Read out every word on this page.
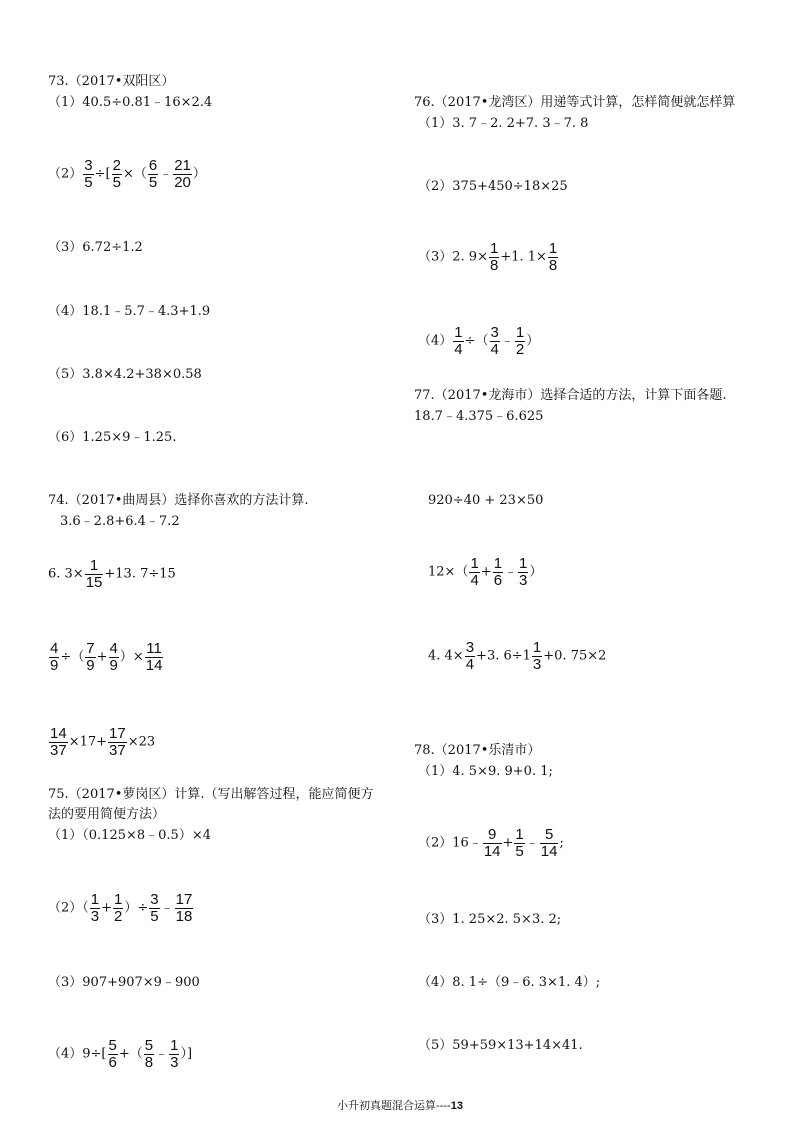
73.（2017•双阳区）
（1）40.5÷0.81﹣16×2.4
$(2) \frac{3}{5}$ ÷[ $\frac{2}{5}$ ×（ $\frac{6}{5}$ ﹣ $\frac{21}{20}$ ）
（3）6.72÷1.2
（4）18.1﹣5.7﹣4.3+1.9
（5）3.8×4.2+38×0.58
（6）1.25×9﹣1.25.
74.（2017•曲周县）选择你喜欢的方法计算.
3.6﹣2.8+6.4﹣7.2
6. $3\times \frac{1}{15} +13$. 7÷15
$\frac{4}{9}$ ÷（ $\frac{7}{9} + \frac{4}{9}$ ）× $\frac{11}{14}$
$\frac{14}{37} \times 17+ \frac{17}{37} \times 23$
75.（2017•萝岗区）计算.（写出解答过程，能应简便方
法的要用简便方法）
（1）（0.125×8﹣0.5）×4
$(2)( \frac{1}{3} + \frac{1}{2}$ ）÷ $\frac{3}{5}$ ﹣ $\frac{17}{18}$
（3）907+907×9﹣900
$(4)9\div[ \frac{5}{6}$ +（ $\frac{5}{8}$ ﹣ $\frac{1}{3}$ ）]
76.（2017•龙湾区）用递等式计算，怎样简便就怎样算
（1）3. 7﹣2. 2+7. 3﹣7. 8
（2）375+450÷18×25
（3）2. $9\times \frac{1}{8} +1$. $1\times \frac{1}{8}$
$(4) \frac{1}{4}$ ÷（ $\frac{3}{4}$ ﹣ $\frac{1}{2}$ ）
77.（2017•龙海市）选择合适的方法，计算下面各题.
18.7﹣4.375﹣6.625
920÷40 + 23×50
$12\times( \frac{1}{4} + \frac{1}{6}$ ﹣ $\frac{1}{3}$ ）
4. $4\times \frac{3}{4} +3$. $6\div 1 \frac{1}{3} +0$. 75×2
78.（2017•乐清市）
（1）4. 5×9. 9+0. 1;
（2）16﹣ $\frac{9}{14} + \frac{1}{5}$ ﹣ $\frac{5}{14}$ ;
（3）1. 25×2. 5×3. 2;
（4）8. 1÷（9﹣6. 3×1. 4）;
（5）59+59×13+14×41.
小升初真题混合运算----13
